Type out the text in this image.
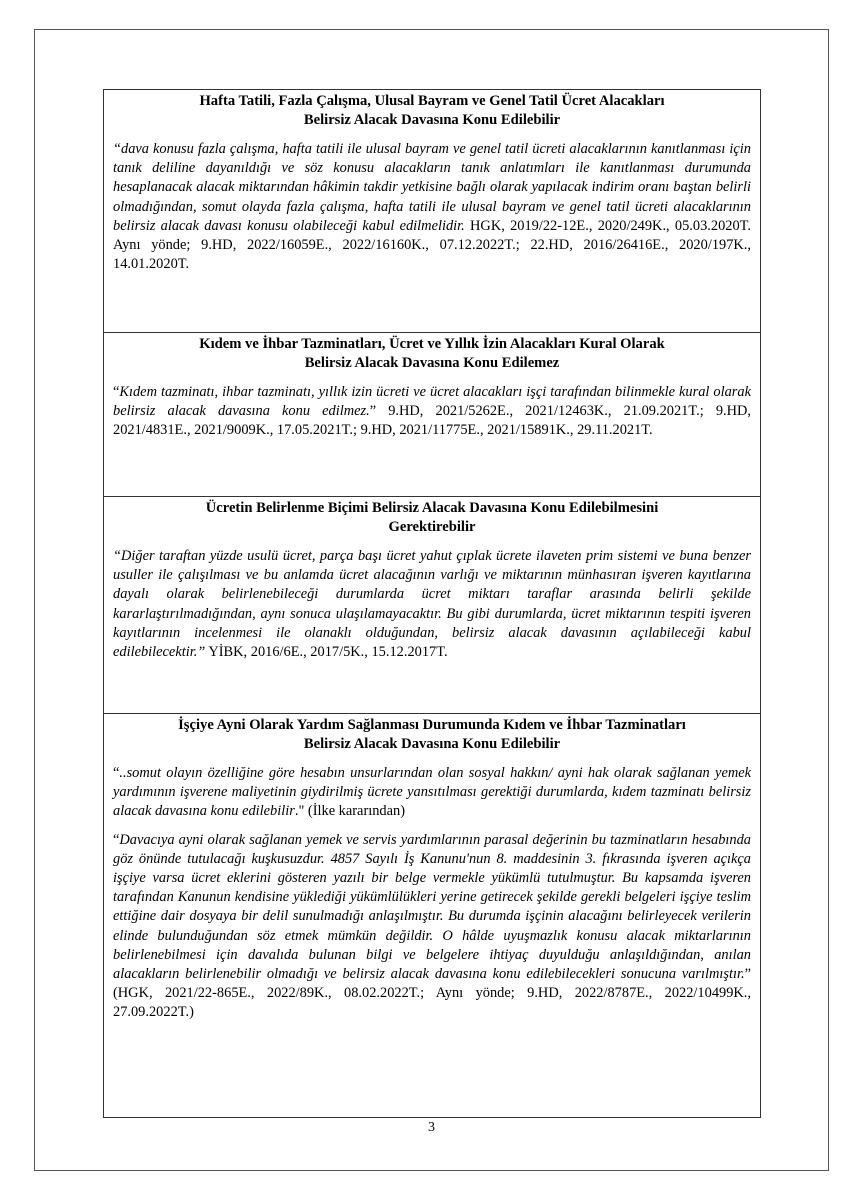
Hafta Tatili, Fazla Çalışma, Ulusal Bayram ve Genel Tatil Ücret Alacakları
Belirsiz Alacak Davasına Konu Edilebilir

“dava konusu fazla çalışma, hafta tatili ile ulusal bayram ve genel tatil ücreti alacaklarının kanıtlanması için tanık deliline dayanıldığı ve söz konusu alacakların tanık anlatımları ile kanıtlanması durumunda hesaplanacak alacak miktarından hâkimin takdir yetkisine bağlı olarak yapılacak indirim oranı baştan belirli olmadığından, somut olayda fazla çalışma, hafta tatili ile ulusal bayram ve genel tatil ücreti alacaklarının belirsiz alacak davası konusu olabileceği kabul edilmelidir. HGK, 2019/22-12E., 2020/249K., 05.03.2020T. Aynı yönde; 9.HD, 2022/16059E., 2022/16160K., 07.12.2022T.; 22.HD, 2016/26416E., 2020/197K., 14.01.2020T.

Kıdem ve İhbar Tazminatları, Ücret ve Yıllık İzin Alacakları Kural Olarak
Belirsiz Alacak Davasına Konu Edilemez

“Kıdem tazminatı, ihbar tazminatı, yıllık izin ücreti ve ücret alacakları işçi tarafından bilinmekle kural olarak belirsiz alacak davasına konu edilmez.” 9.HD, 2021/5262E., 2021/12463K., 21.09.2021T.; 9.HD, 2021/4831E., 2021/9009K., 17.05.2021T.; 9.HD, 2021/11775E., 2021/15891K., 29.11.2021T.

Ücretin Belirlenme Biçimi Belirsiz Alacak Davasına Konu Edilebilmesini
Gerektirebilir

“Diğer taraftan yüzde usulü ücret, parça başı ücret yahut çıplak ücrete ilaveten prim sistemi ve buna benzer usuller ile çalışılması ve bu anlamda ücret alacağının varlığı ve miktarının münhasıran işveren kayıtlarına dayalı olarak belirlenebileceği durumlarda ücret miktarı taraflar arasında belirli şekilde kararlaştırılmadığından, aynı sonuca ulaşılamayacaktır. Bu gibi durumlarda, ücret miktarının tespiti işveren kayıtlarının incelenmesi ile olanaklı olduğundan, belirsiz alacak davasının açılabileceği kabul edilebilecektir.” YİBK, 2016/6E., 2017/5K., 15.12.2017T.

İşçiye Ayni Olarak Yardım Sağlanması Durumunda Kıdem ve İhbar Tazminatları
Belirsiz Alacak Davasına Konu Edilebilir

“..somut olayın özelliğine göre hesabın unsurlarından olan sosyal hakkın/ ayni hak olarak sağlanan yemek yardımının işverene maliyetinin giydirilmiş ücrete yansıtılması gerektiği durumlarda, kıdem tazminatı belirsiz alacak davasına konu edilebilir." (İlke kararından)

“Davacıya ayni olarak sağlanan yemek ve servis yardımlarının parasal değerinin bu tazminatların hesabında göz önünde tutulacağı kuşkusuzdur. 4857 Sayılı İş Kanunu'nun 8. maddesinin 3. fıkrasında işveren açıkça işçiye varsa ücret eklerini gösteren yazılı bir belge vermekle yükümlü tutulmuştur. Bu kapsamda işveren tarafından Kanunun kendisine yüklediği yükümlülükleri yerine getirecek şekilde gerekli belgeleri işçiye teslim ettiğine dair dosyaya bir delil sunulmadığı anlaşılmıştır. Bu durumda işçinin alacağını belirleyecek verilerin elinde bulunduğundan söz etmek mümkün değildir. O hâlde uyuşmazlık konusu alacak miktarlarının belirlenebilmesi için davalıda bulunan bilgi ve belgelere ihtiyaç duyulduğu anlaşıldığından, anılan alacakların belirlenebilir olmadığı ve belirsiz alacak davasına konu edilebilecekleri sonucuna varılmıştır.” (HGK, 2021/22-865E., 2022/89K., 08.02.2022T.; Aynı yönde; 9.HD, 2022/8787E., 2022/10499K., 27.09.2022T.)

3
